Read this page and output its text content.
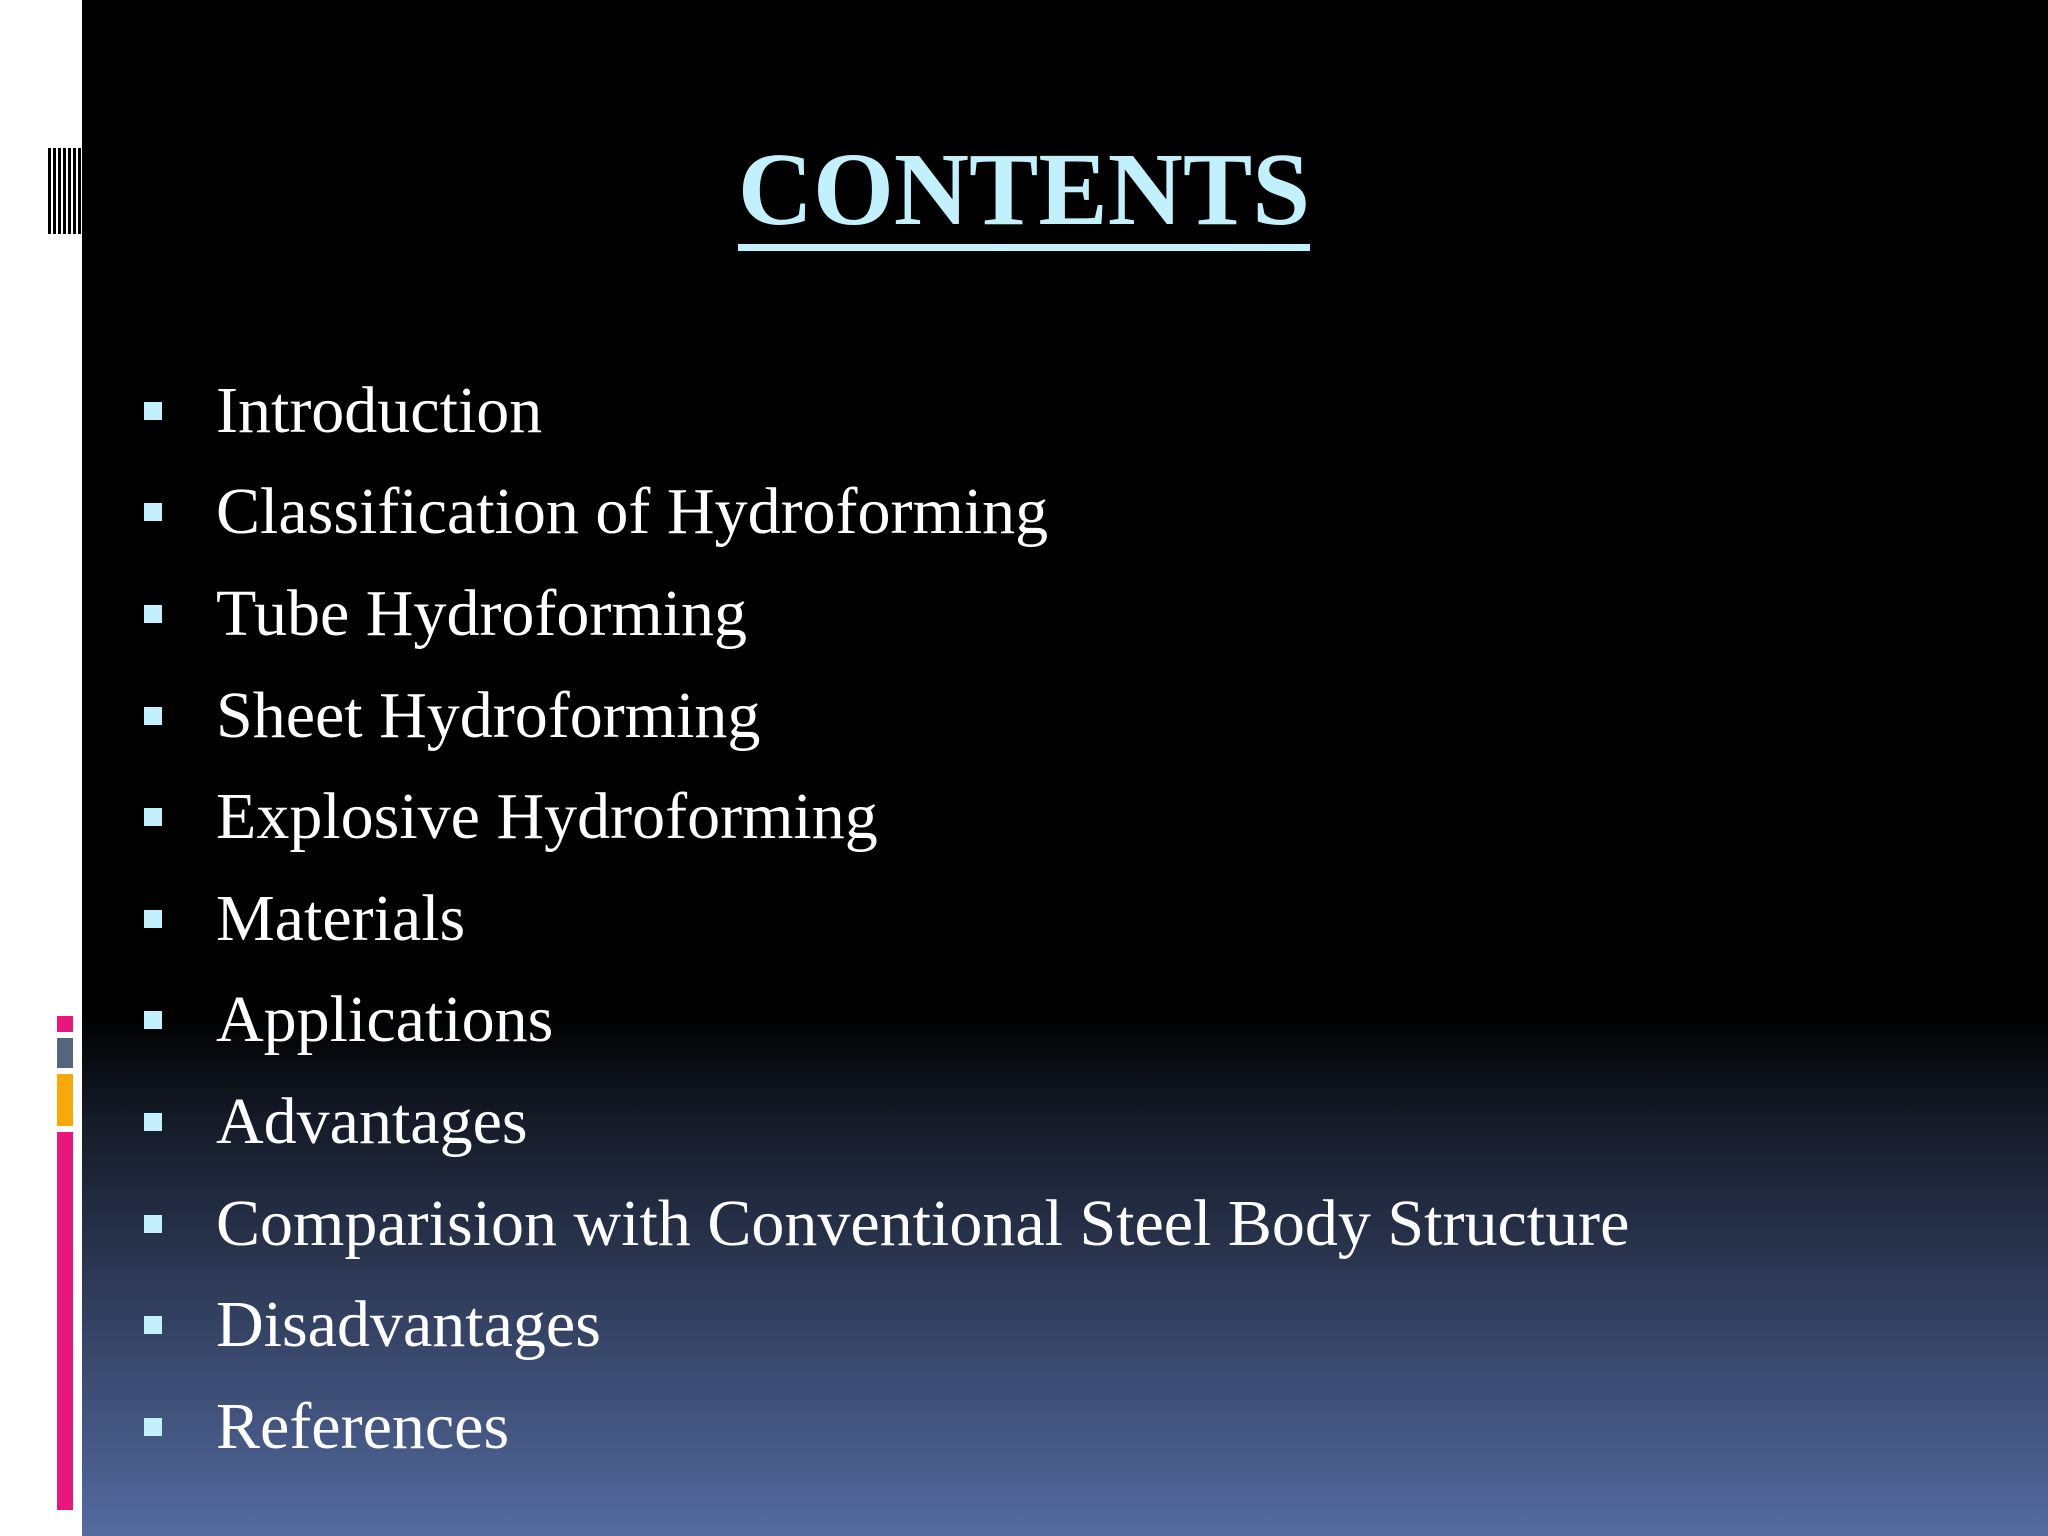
CONTENTS
Introduction
Classification of Hydroforming
Tube Hydroforming
Sheet Hydroforming
Explosive Hydroforming
Materials
Applications
Advantages
Comparision with Conventional Steel Body Structure
Disadvantages
References
